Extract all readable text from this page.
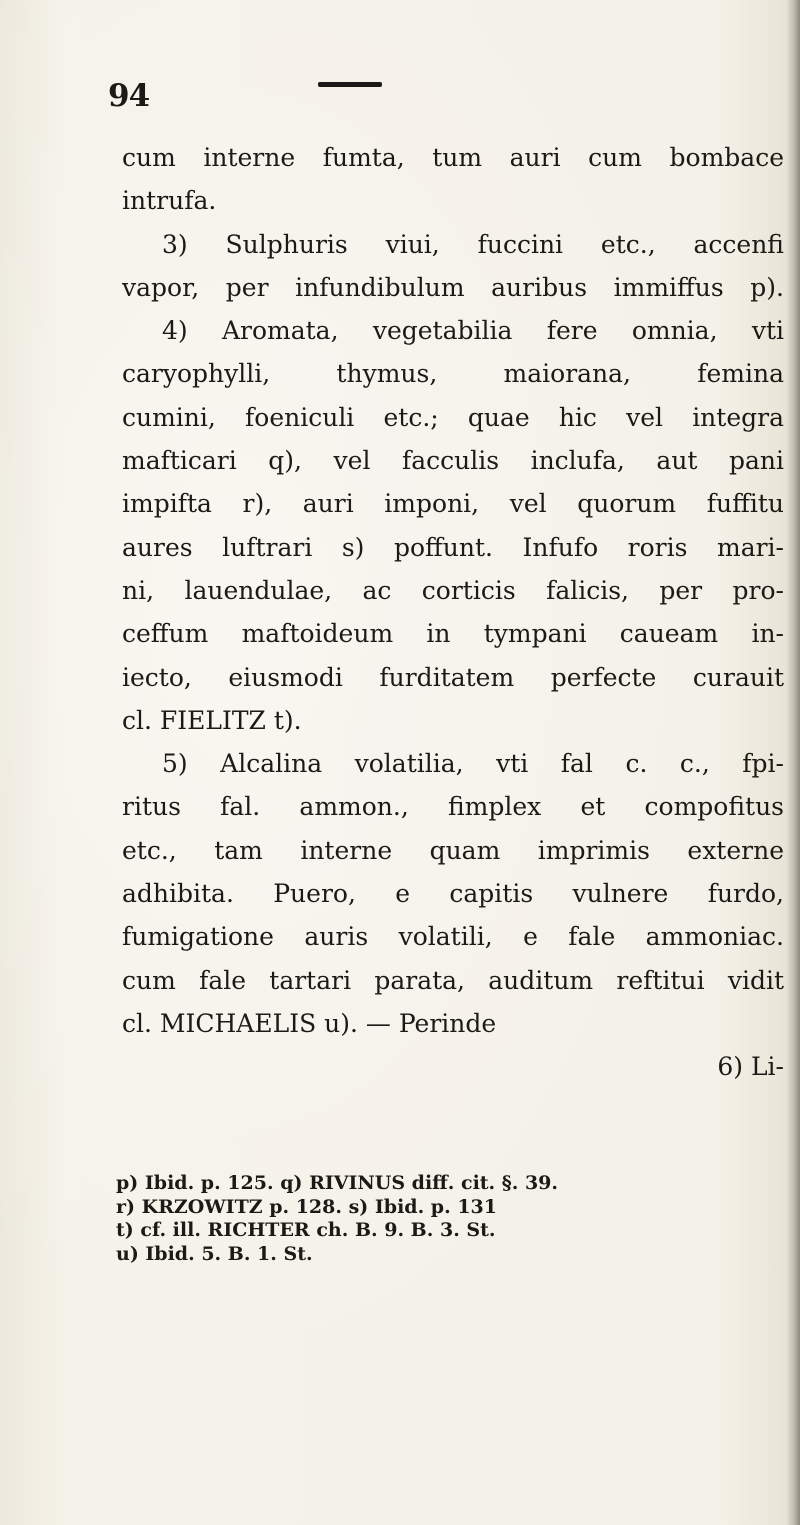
94
cum interne fumta, tum auri cum bombace
intrufa.
3) Sulphuris viui, fuccini etc., accenfi
vapor, per infundibulum auribus immiffus p).
4) Aromata, vegetabilia fere omnia, vti
caryophylli, thymus, maiorana, femina
cumini, foeniculi etc.; quae hic vel integra
mafticari q), vel facculis inclufa, aut pani
impifta r), auri imponi, vel quorum fuffitu
aures luftrari s) poffunt. Infufo roris mari-
ni, lauendulae, ac corticis falicis, per pro-
ceffum maftoideum in tympani caueam in-
iecto, eiusmodi furditatem perfecte curauit
cl. FIELITZ t).
5) Alcalina volatilia, vti fal c. c., fpi-
ritus fal. ammon., fimplex et compofitus
etc., tam interne quam imprimis externe
adhibita. Puero, e capitis vulnere furdo,
fumigatione auris volatili, e fale ammoniac.
cum fale tartari parata, auditum reftitui vidit
cl. MICHAELIS u). — Perinde
6) Li-
p) Ibid. p. 125. q) RIVINUS diff. cit. §. 39.
r) KRZOWITZ p. 128. s) Ibid. p. 131
t) cf. ill. RICHTER ch. B. 9. B. 3. St.
u) Ibid. 5. B. 1. St.
